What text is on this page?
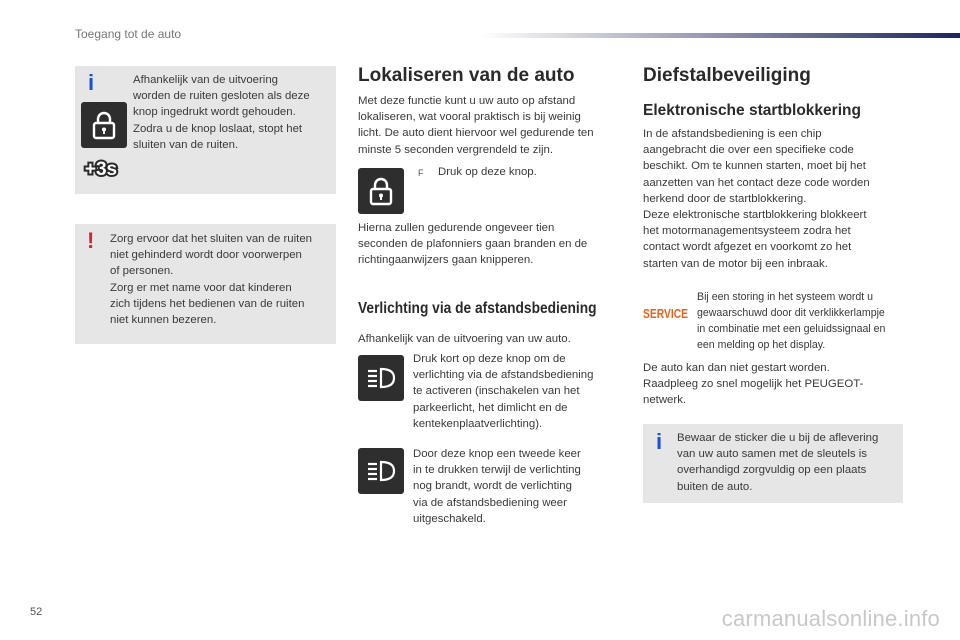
Toegang tot de auto
i
+3s
Afhankelijk van de uitvoering
worden de ruiten gesloten als deze
knop ingedrukt wordt gehouden.
Zodra u de knop loslaat, stopt het
sluiten van de ruiten.
! Zorg ervoor dat het sluiten van de ruiten
niet gehinderd wordt door voorwerpen
of personen.
Zorg er met name voor dat kinderen
zich tijdens het bedienen van de ruiten
niet kunnen bezeren.
Lokaliseren van de auto
Met deze functie kunt u uw auto op afstand
lokaliseren, wat vooral praktisch is bij weinig
licht. De auto dient hiervoor wel gedurende ten
minste 5 seconden vergrendeld te zijn.
F Druk op deze knop.
Hierna zullen gedurende ongeveer tien
seconden de plafonniers gaan branden en de
richtingaanwijzers gaan knipperen.
Verlichting via de afstandsbediening
Afhankelijk van de uitvoering van uw auto.
Druk kort op deze knop om de
verlichting via de afstandsbediening
te activeren (inschakelen van het
parkeerlicht, het dimlicht en de
kentekenplaatverlichting).
Door deze knop een tweede keer
in te drukken terwijl de verlichting
nog brandt, wordt de verlichting
via de afstandsbediening weer
uitgeschakeld.
Diefstalbeveiliging
Elektronische startblokkering
In de afstandsbediening is een chip
aangebracht die over een specifieke code
beschikt. Om te kunnen starten, moet bij het
aanzetten van het contact deze code worden
herkend door de startblokkering.
Deze elektronische startblokkering blokkeert
het motormanagementsysteem zodra het
contact wordt afgezet en voorkomt zo het
starten van de motor bij een inbraak.
SERVICE
Bij een storing in het systeem wordt u
gewaarschuwd door dit verklikkerlampje
in combinatie met een geluidssignaal en
een melding op het display.
De auto kan dan niet gestart worden.
Raadpleeg zo snel mogelijk het PEUGEOT-
netwerk.
i Bewaar de sticker die u bij de aflevering
van uw auto samen met de sleutels is
overhandigd zorgvuldig op een plaats
buiten de auto.
52	carmanualsonline.info
